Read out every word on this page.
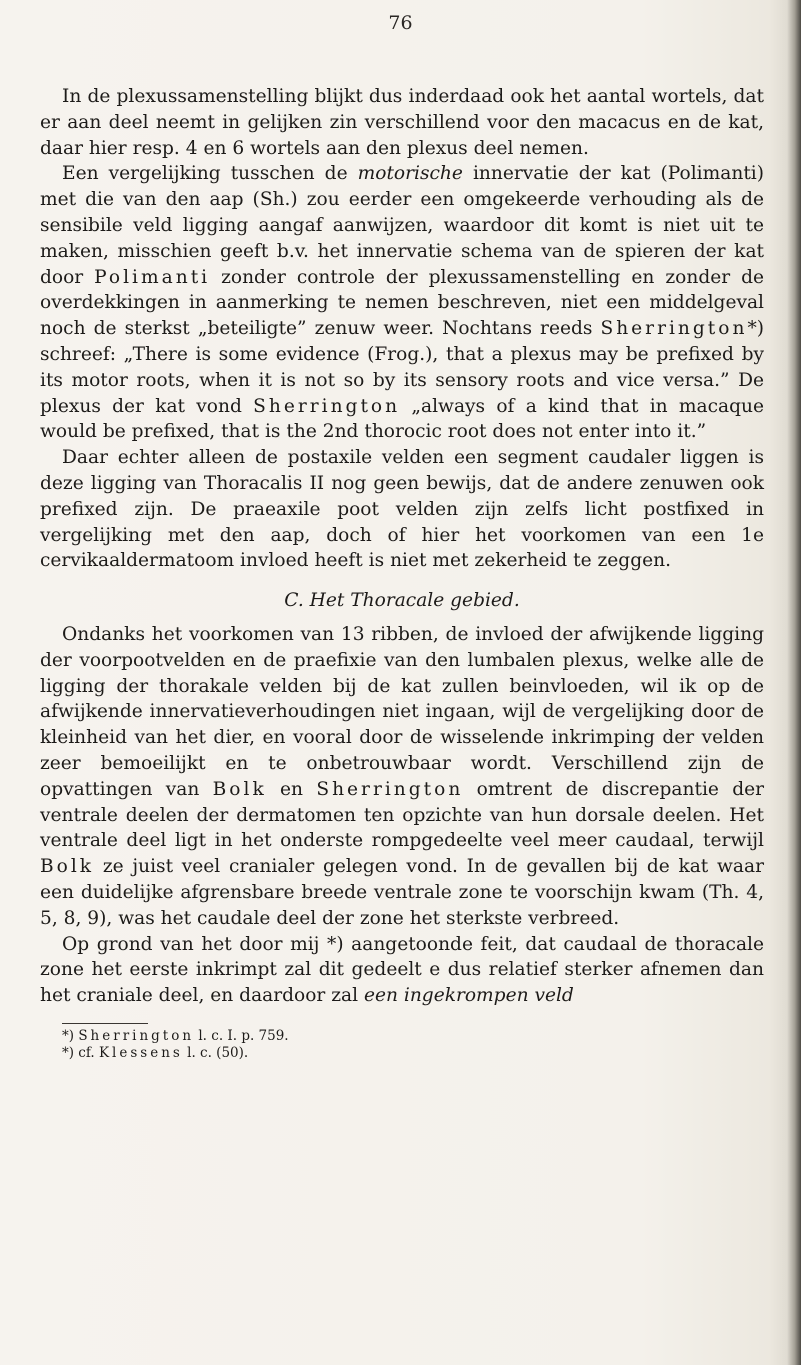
76

In de plexussamenstelling blijkt dus inderdaad ook het aantal wortels, dat er aan deel neemt in gelijken zin verschillend voor den macacus en de kat, daar hier resp. 4 en 6 wortels aan den plexus deel nemen.

Een vergelijking tusschen de motorische innervatie der kat (Polimanti) met die van den aap (Sh.) zou eerder een omgekeerde verhouding als de sensibile veld ligging aangaf aanwijzen, waardoor dit komt is niet uit te maken, misschien geeft b.v. het innervatie schema van de spieren der kat door Polimanti zonder controle der plexussamenstelling en zonder de overdekkingen in aanmerking te nemen beschreven, niet een middelgeval noch de sterkst „beteiligte” zenuw weer. Nochtans reeds Sherrington*) schreef: „There is some evidence (Frog.), that a plexus may be prefixed by its motor roots, when it is not so by its sensory roots and vice versa.” De plexus der kat vond Sherrington „always of a kind that in macaque would be prefixed, that is the 2nd thorocic root does not enter into it.”

Daar echter alleen de postaxile velden een segment caudaler liggen is deze ligging van Thoracalis II nog geen bewijs, dat de andere zenuwen ook prefixed zijn. De praeaxile poot velden zijn zelfs licht postfixed in vergelijking met den aap, doch of hier het voorkomen van een 1e cervikaaldermatoom invloed heeft is niet met zekerheid te zeggen.

C. Het Thoracale gebied.

Ondanks het voorkomen van 13 ribben, de invloed der afwijkende ligging der voorpootvelden en de praefixie van den lumbalen plexus, welke alle de ligging der thorakale velden bij de kat zullen beinvloeden, wil ik op de afwijkende innervatieverhoudingen niet ingaan, wijl de vergelijking door de kleinheid van het dier, en vooral door de wisselende inkrimping der velden zeer bemoeilijkt en te onbetrouwbaar wordt. Verschillend zijn de opvattingen van Bolk en Sherrington omtrent de discrepantie der ventrale deelen der dermatomen ten opzichte van hun dorsale deelen. Het ventrale deel ligt in het onderste rompgedeelte veel meer caudaal, terwijl Bolk ze juist veel cranialer gelegen vond. In de gevallen bij de kat waar een duidelijke afgrensbare breede ventrale zone te voorschijn kwam (Th. 4, 5, 8, 9), was het caudale deel der zone het sterkste verbreed.

Op grond van het door mij *) aangetoonde feit, dat caudaal de thoracale zone het eerste inkrimpt zal dit gedeelt e dus relatief sterker afnemen dan het craniale deel, en daardoor zal een ingekrompen veld

*) Sherrington l. c. I. p. 759.
*) cf. Klessens l. c. (50).
